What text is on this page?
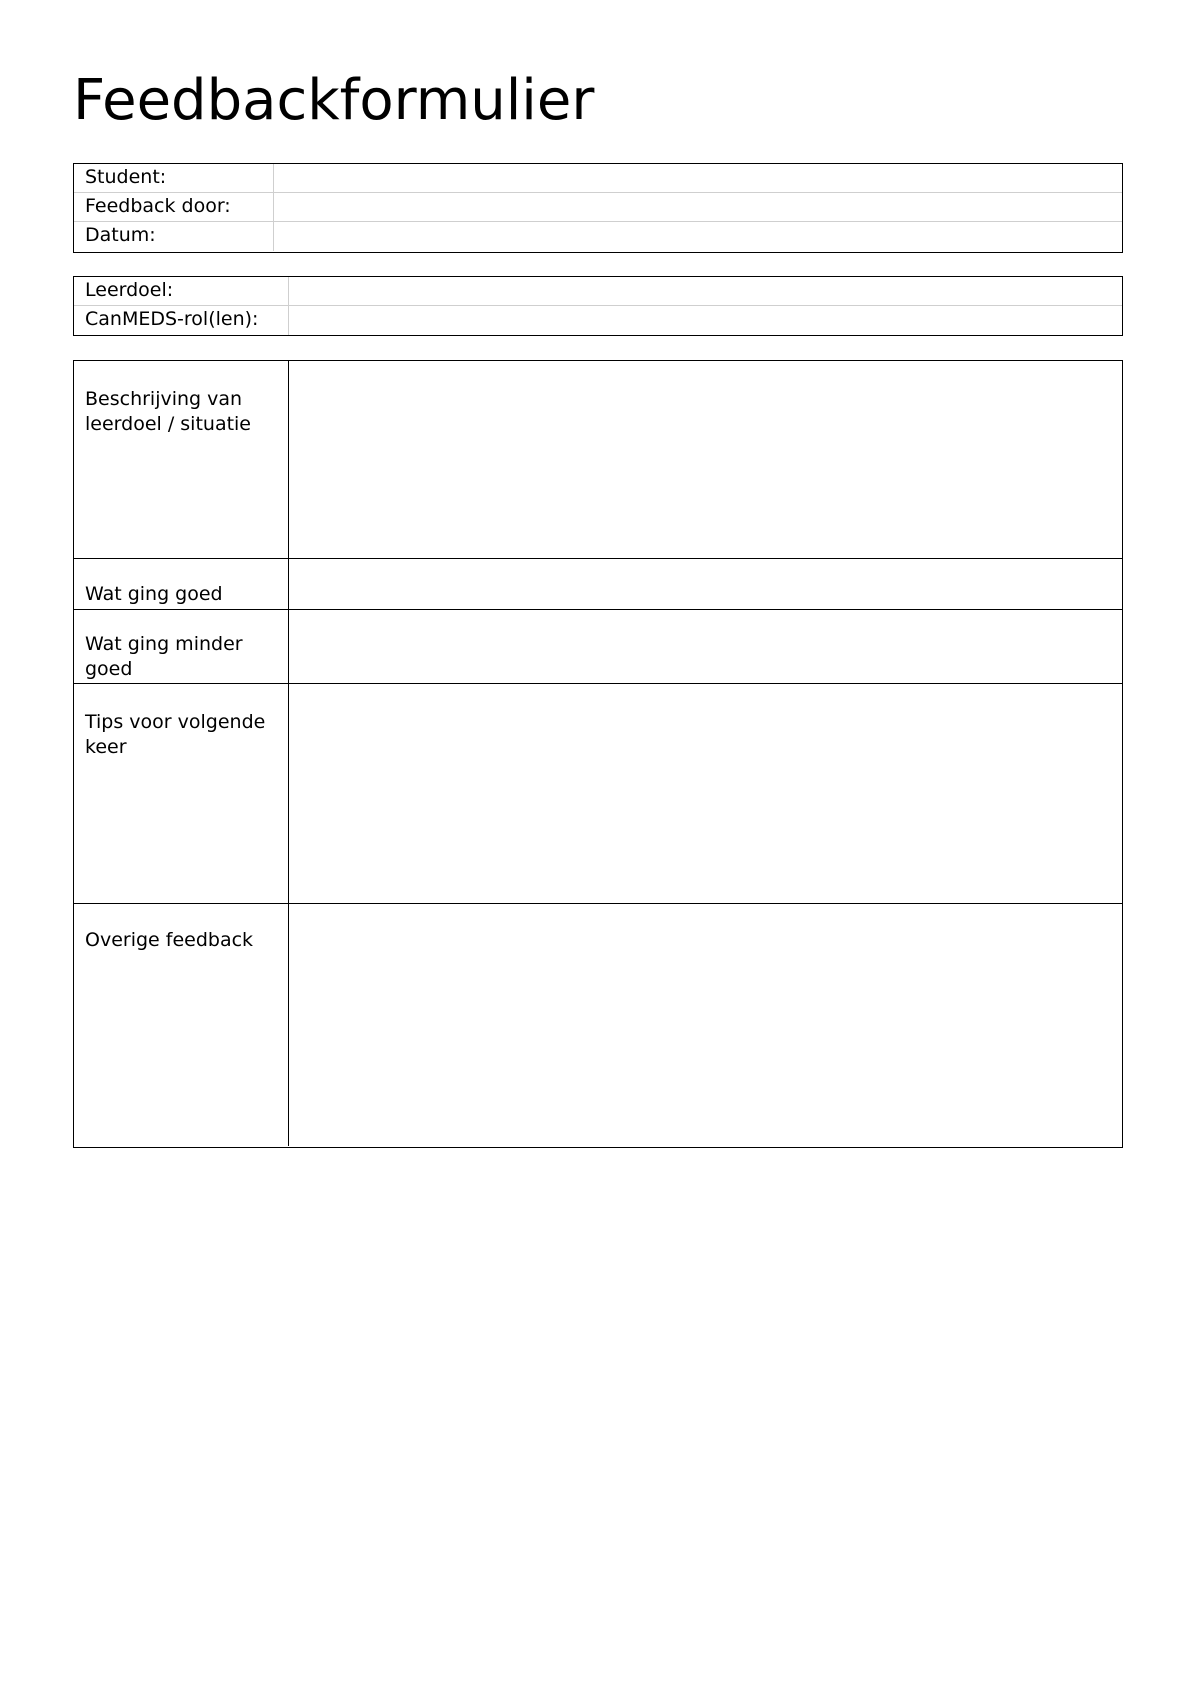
Feedbackformulier
Student:
Feedback door:
Datum:
Leerdoel:
CanMEDS-rol(len):
Beschrijving van leerdoel / situatie
Wat ging goed
Wat ging minder goed
Tips voor volgende keer
Overige feedback
